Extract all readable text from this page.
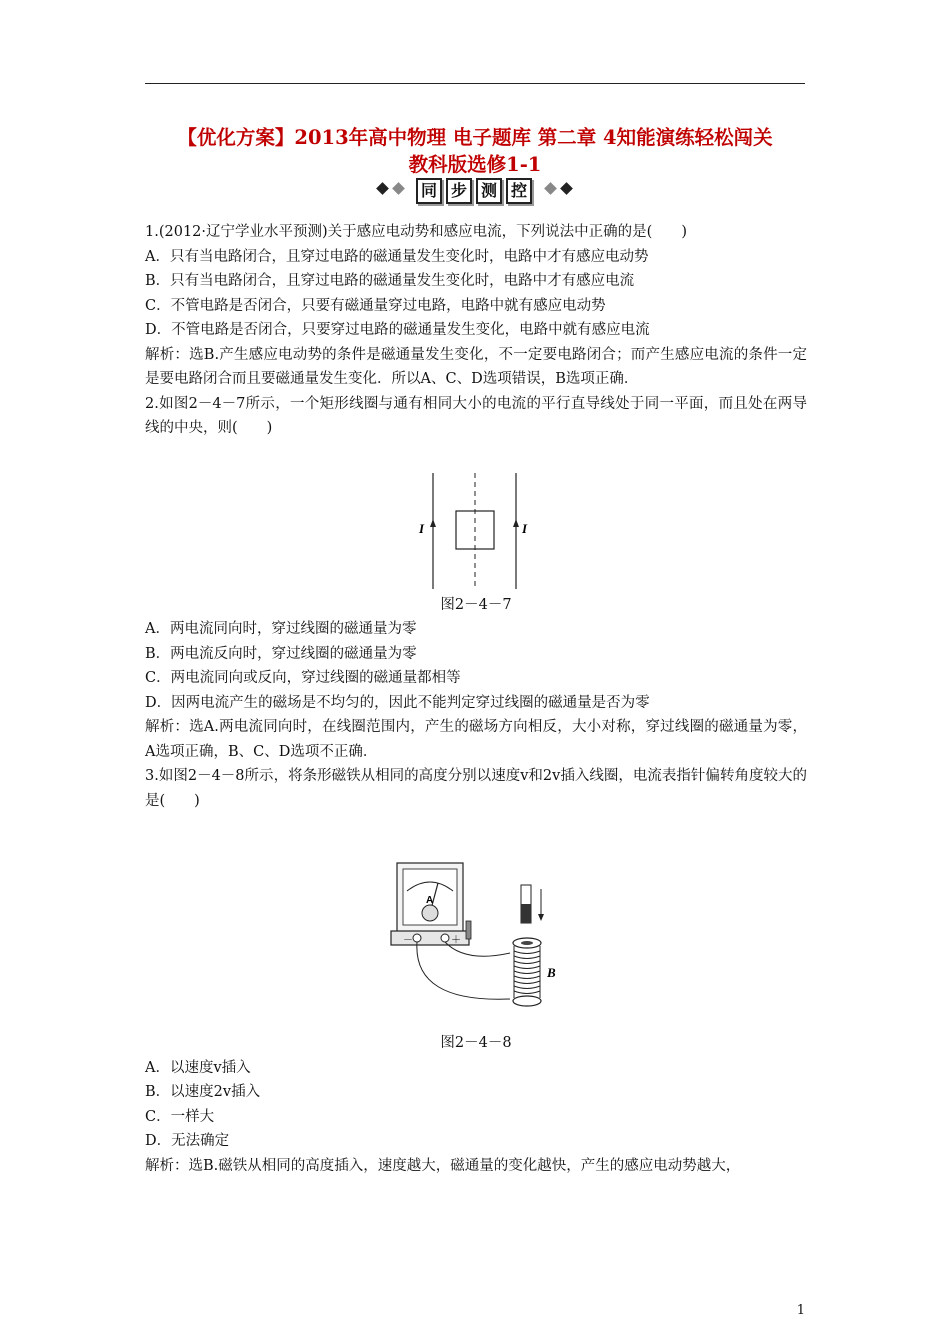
【优化方案】2013年高中物理 电子题库 第二章 4知能演练轻松闯关
教科版选修1-1
同 步 测 控

1.(2012·辽宁学业水平预测)关于感应电动势和感应电流，下列说法中正确的是(　　)

A．只有当电路闭合，且穿过电路的磁通量发生变化时，电路中才有感应电动势

B．只有当电路闭合，且穿过电路的磁通量发生变化时，电路中才有感应电流

C．不管电路是否闭合，只要有磁通量穿过电路，电路中就有感应电动势

D．不管电路是否闭合，只要穿过电路的磁通量发生变化，电路中就有感应电流

解析：选B.产生感应电动势的条件是磁通量发生变化，不一定要电路闭合；而产生感应电流的条件一定是要电路闭合而且要磁通量发生变化．所以A、C、D选项错误，B选项正确．

2.如图2－4－7所示，一个矩形线圈与通有相同大小的电流的平行直导线处于同一平面，而且处在两导线的中央，则(　　)

I	I
图2－4－7

A．两电流同向时，穿过线圈的磁通量为零

B．两电流反向时，穿过线圈的磁通量为零

C．两电流同向或反向，穿过线圈的磁通量都相等

D．因两电流产生的磁场是不均匀的，因此不能判定穿过线圈的磁通量是否为零

解析：选A.两电流同向时，在线圈范围内，产生的磁场方向相反，大小对称，穿过线圈的磁通量为零，A选项正确，B、C、D选项不正确．

3.如图2－4－8所示，将条形磁铁从相同的高度分别以速度v和2v插入线圈，电流表指针偏转角度较大的是(　　)

A
－	＋
B
图2－4－8

A．以速度v插入

B．以速度2v插入

C．一样大

D．无法确定

解析：选B.磁铁从相同的高度插入，速度越大，磁通量的变化越快，产生的感应电动势越大，

1
